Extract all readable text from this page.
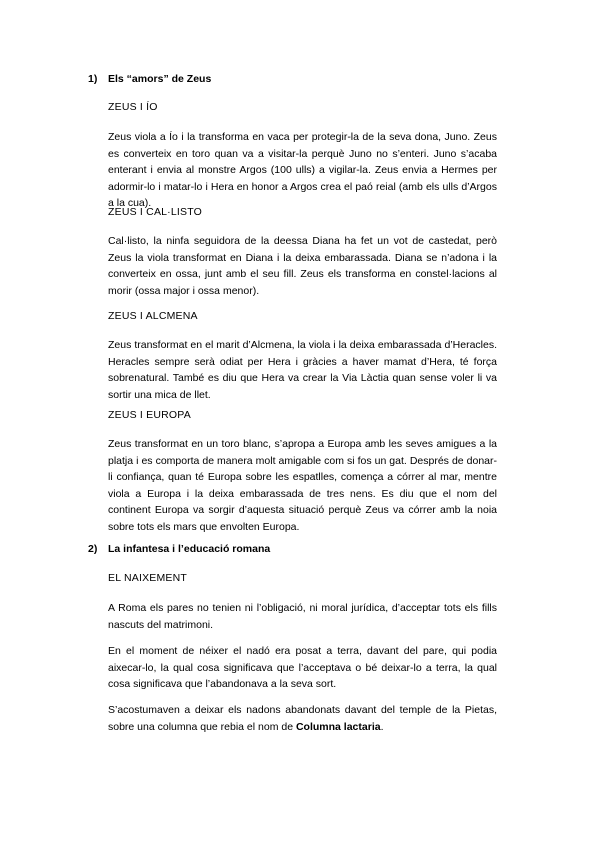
1) Els “amors” de Zeus
ZEUS I ÍO
Zeus viola a Ío i la transforma en vaca per protegir-la de la seva dona, Juno. Zeus es converteix en toro quan va a visitar-la perquè Juno no s’enteri. Juno s’acaba enterant i envia al monstre Argos (100 ulls) a vigilar-la. Zeus envia a Hermes per adormir-lo i matar-lo i Hera en honor a Argos crea el paó reial (amb els ulls d’Argos a la cua).
ZEUS I CAL·LISTO
Cal·listo, la ninfa seguidora de la deessa Diana ha fet un vot de castedat, però Zeus la viola transformat en Diana i la deixa embarassada. Diana se n’adona i la converteix en ossa, junt amb el seu fill. Zeus els transforma en constel·lacions al morir (ossa major i ossa menor).
ZEUS I ALCMENA
Zeus transformat en el marit d’Alcmena, la viola i la deixa embarassada d’Heracles. Heracles sempre serà odiat per Hera i gràcies a haver mamat d’Hera, té força sobrenatural. També es diu que Hera va crear la Via Làctia quan sense voler li va sortir una mica de llet.
ZEUS I EUROPA
Zeus transformat en un toro blanc, s’apropa a Europa amb les seves amigues a la platja i es comporta de manera molt amigable com si fos un gat. Després de donar-li confiança, quan té Europa sobre les espatlles, comença a córrer al mar, mentre viola a Europa i la deixa embarassada de tres nens. Es diu que el nom del continent Europa va sorgir d’aquesta situació perquè Zeus va córrer amb la noia sobre tots els mars que envolten Europa.
2) La infantesa i l’educació romana
EL NAIXEMENT
A Roma els pares no tenien ni l’obligació, ni moral jurídica, d’acceptar tots els fills nascuts del matrimoni.
En el moment de néixer el nadó era posat a terra, davant del pare, qui podia aixecar-lo, la qual cosa significava que l’acceptava o bé deixar-lo a terra, la qual cosa significava que l’abandonava a la seva sort.
S’acostumaven a deixar els nadons abandonats davant del temple de la Pietas, sobre una columna que rebia el nom de Columna lactaria.
